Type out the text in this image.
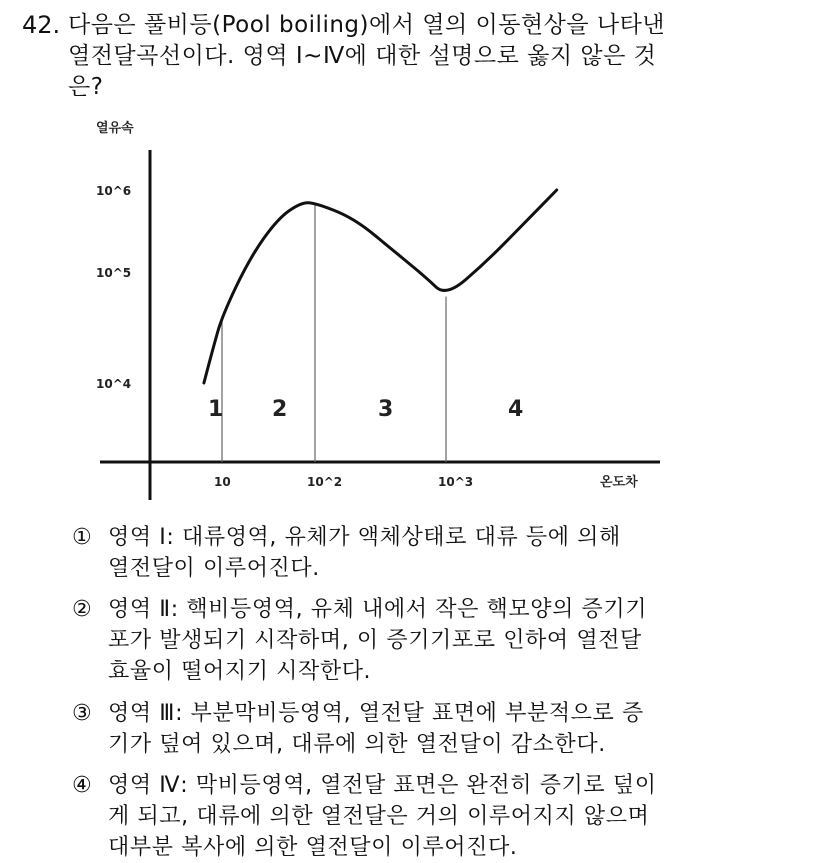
42. 다음은 풀비등(Pool boiling)에서 열의 이동현상을 나타낸
열전달곡선이다. 영역 Ⅰ~Ⅳ에 대한 설명으로 옳지 않은 것
은?
열유속
온도차
10^6
10^5
10^4
10	10^2	10^3
1 2	3	4
① 영역 Ⅰ: 대류영역, 유체가 액체상태로 대류 등에 의해
열전달이 이루어진다.
② 영역 Ⅱ: 핵비등영역, 유체 내에서 작은 핵모양의 증기기
포가 발생되기 시작하며, 이 증기기포로 인하여 열전달
효율이 떨어지기 시작한다.
③ 영역 Ⅲ: 부분막비등영역, 열전달 표면에 부분적으로 증
기가 덮여 있으며, 대류에 의한 열전달이 감소한다.
④ 영역 Ⅳ: 막비등영역, 열전달 표면은 완전히 증기로 덮이
게 되고, 대류에 의한 열전달은 거의 이루어지지 않으며
대부분 복사에 의한 열전달이 이루어진다.
